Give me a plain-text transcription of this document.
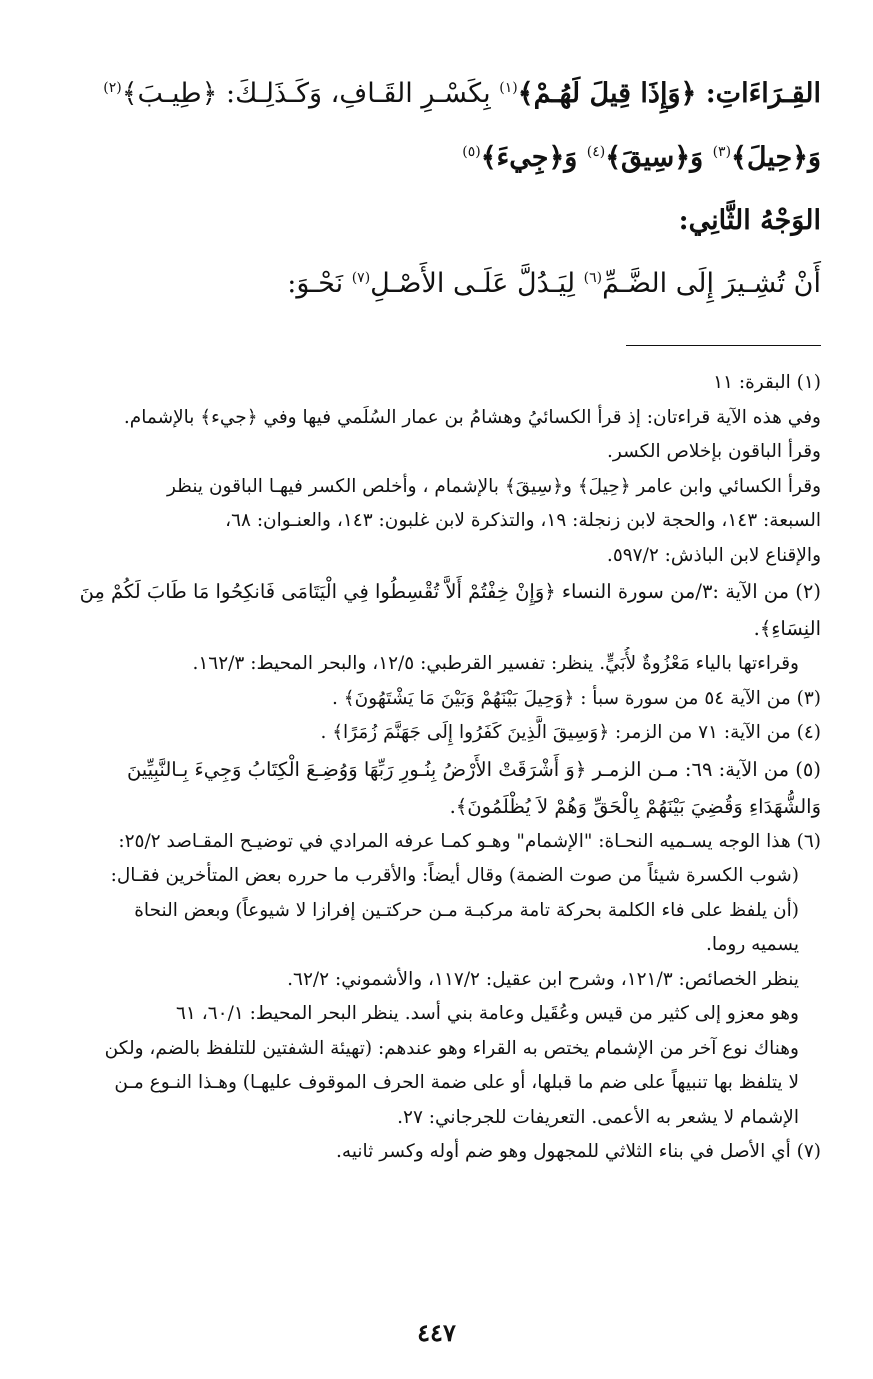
القِـرَاءَاتِ: ﴿وَإِذَا قِيلَ لَهُـمْ﴾$^{(١)}$ بِكَسْـرِ القَـافِ، وَكَـذَلِـكَ: ﴿طِيـبَ﴾$^{(٢)}$

وَ﴿حِيلَ﴾$^{(٣)}$ وَ﴿سِيقَ﴾$^{(٤)}$ وَ﴿جِيءَ﴾$^{(٥)}$

الوَجْهُ الثَّانِي:

أَنْ تُشِـيرَ إِلَى الضَّـمِّ$^{(٦)}$ لِيَـدُلَّ عَلَـى الأَصْـلِ$^{(٧)}$ نَحْـوَ:

(١) البقرة: ١١

وفي هذه الآية قراءتان: إذ قرأ الكسائيُ وهشامُ بن عمار السُلَمي فيها وفي ﴿جيء﴾ بالإشمام.

وقرأ الباقون بإخلاص الكسر.

وقرأ الكسائي وابن عامر ﴿حِيلَ﴾ و﴿سِيقَ﴾ بالإشمام ، وأخلص الكسر فيهـا الباقون ينظر

السبعة: ١٤٣، والحجة لابن زنجلة: ١٩، والتذكرة لابن غلبون: ١٤٣، والعنـوان: ٦٨،

والإقناع لابن الباذش: ٥٩٧/٢.

(٢) من الآية :٣/من سورة النساء ﴿وَإِنْ خِفْتُمْ أَلاَّ تُقْسِطُوا فِي الْيَتَامَى فَانكِحُوا مَا طَابَ لَكُمْ مِنَ

النِسَاءِ﴾.

وقراءتها بالياء مَعْزُوةٌ لأُبَيٍّ. ينظر: تفسير القرطبي: ١٢/٥، والبحر المحيط: ١٦٢/٣.

(٣) من الآية ٥٤ من سورة سبأ : ﴿وَحِيلَ بَيْنَهُمْ وَبَيْنَ مَا يَشْتَهُونَ﴾ .

(٤) من الآية: ٧١ من الزمر: ﴿وَسِيقَ الَّذِينَ كَفَرُوا إِلَى جَهَنَّمَ زُمَرًا﴾ .

(٥) من الآية: ٦٩: مـن الزمـر ﴿وَ أَشْرَقَتْ الأَرْضُ بِنُـورِ رَبِّهَا وَوُضِـعَ الْكِتَابُ وَجِيءَ بِـالنَّبِيِّينَ

وَالشُّهَدَاءِ وَقُضِيَ بَيْنَهُمْ بِالْحَقِّ وَهُمْ لاَ يُظْلَمُونَ﴾.

(٦) هذا الوجه يسـميه النحـاة: "الإشمام" وهـو كمـا عرفه المرادي في توضيـح المقـاصد ٢٥/٢:

(شوب الكسرة شيئاً من صوت الضمة) وقال أيضاً: والأقرب ما حرره بعض المتأخرين فقـال:

(أن يلفظ على فاء الكلمة بحركة تامة مركبـة مـن حركتـين إفرازا لا شيوعاً) وبعض النحاة

يسميه روما.

ينظر الخصائص: ١٢١/٣، وشرح ابن عقيل: ١١٧/٢، والأشموني: ٦٢/٢.

وهو معزو إلى كثير من قيس وعُقَيل وعامة بني أسد. ينظر البحر المحيط: ٦٠/١، ٦١

وهناك نوع آخر من الإشمام يختص به القراء وهو عندهم: (تهيئة الشفتين للتلفظ بالضم، ولكن

لا يتلفظ بها تنبيهاً على ضم ما قبلها، أو على ضمة الحرف الموقوف عليهـا) وهـذا النـوع مـن

الإشمام لا يشعر به الأعمى. التعريفات للجرجاني: ٢٧.

(٧) أي الأصل في بناء الثلاثي للمجهول وهو ضم أوله وكسر ثانيه.

٤٤٧
